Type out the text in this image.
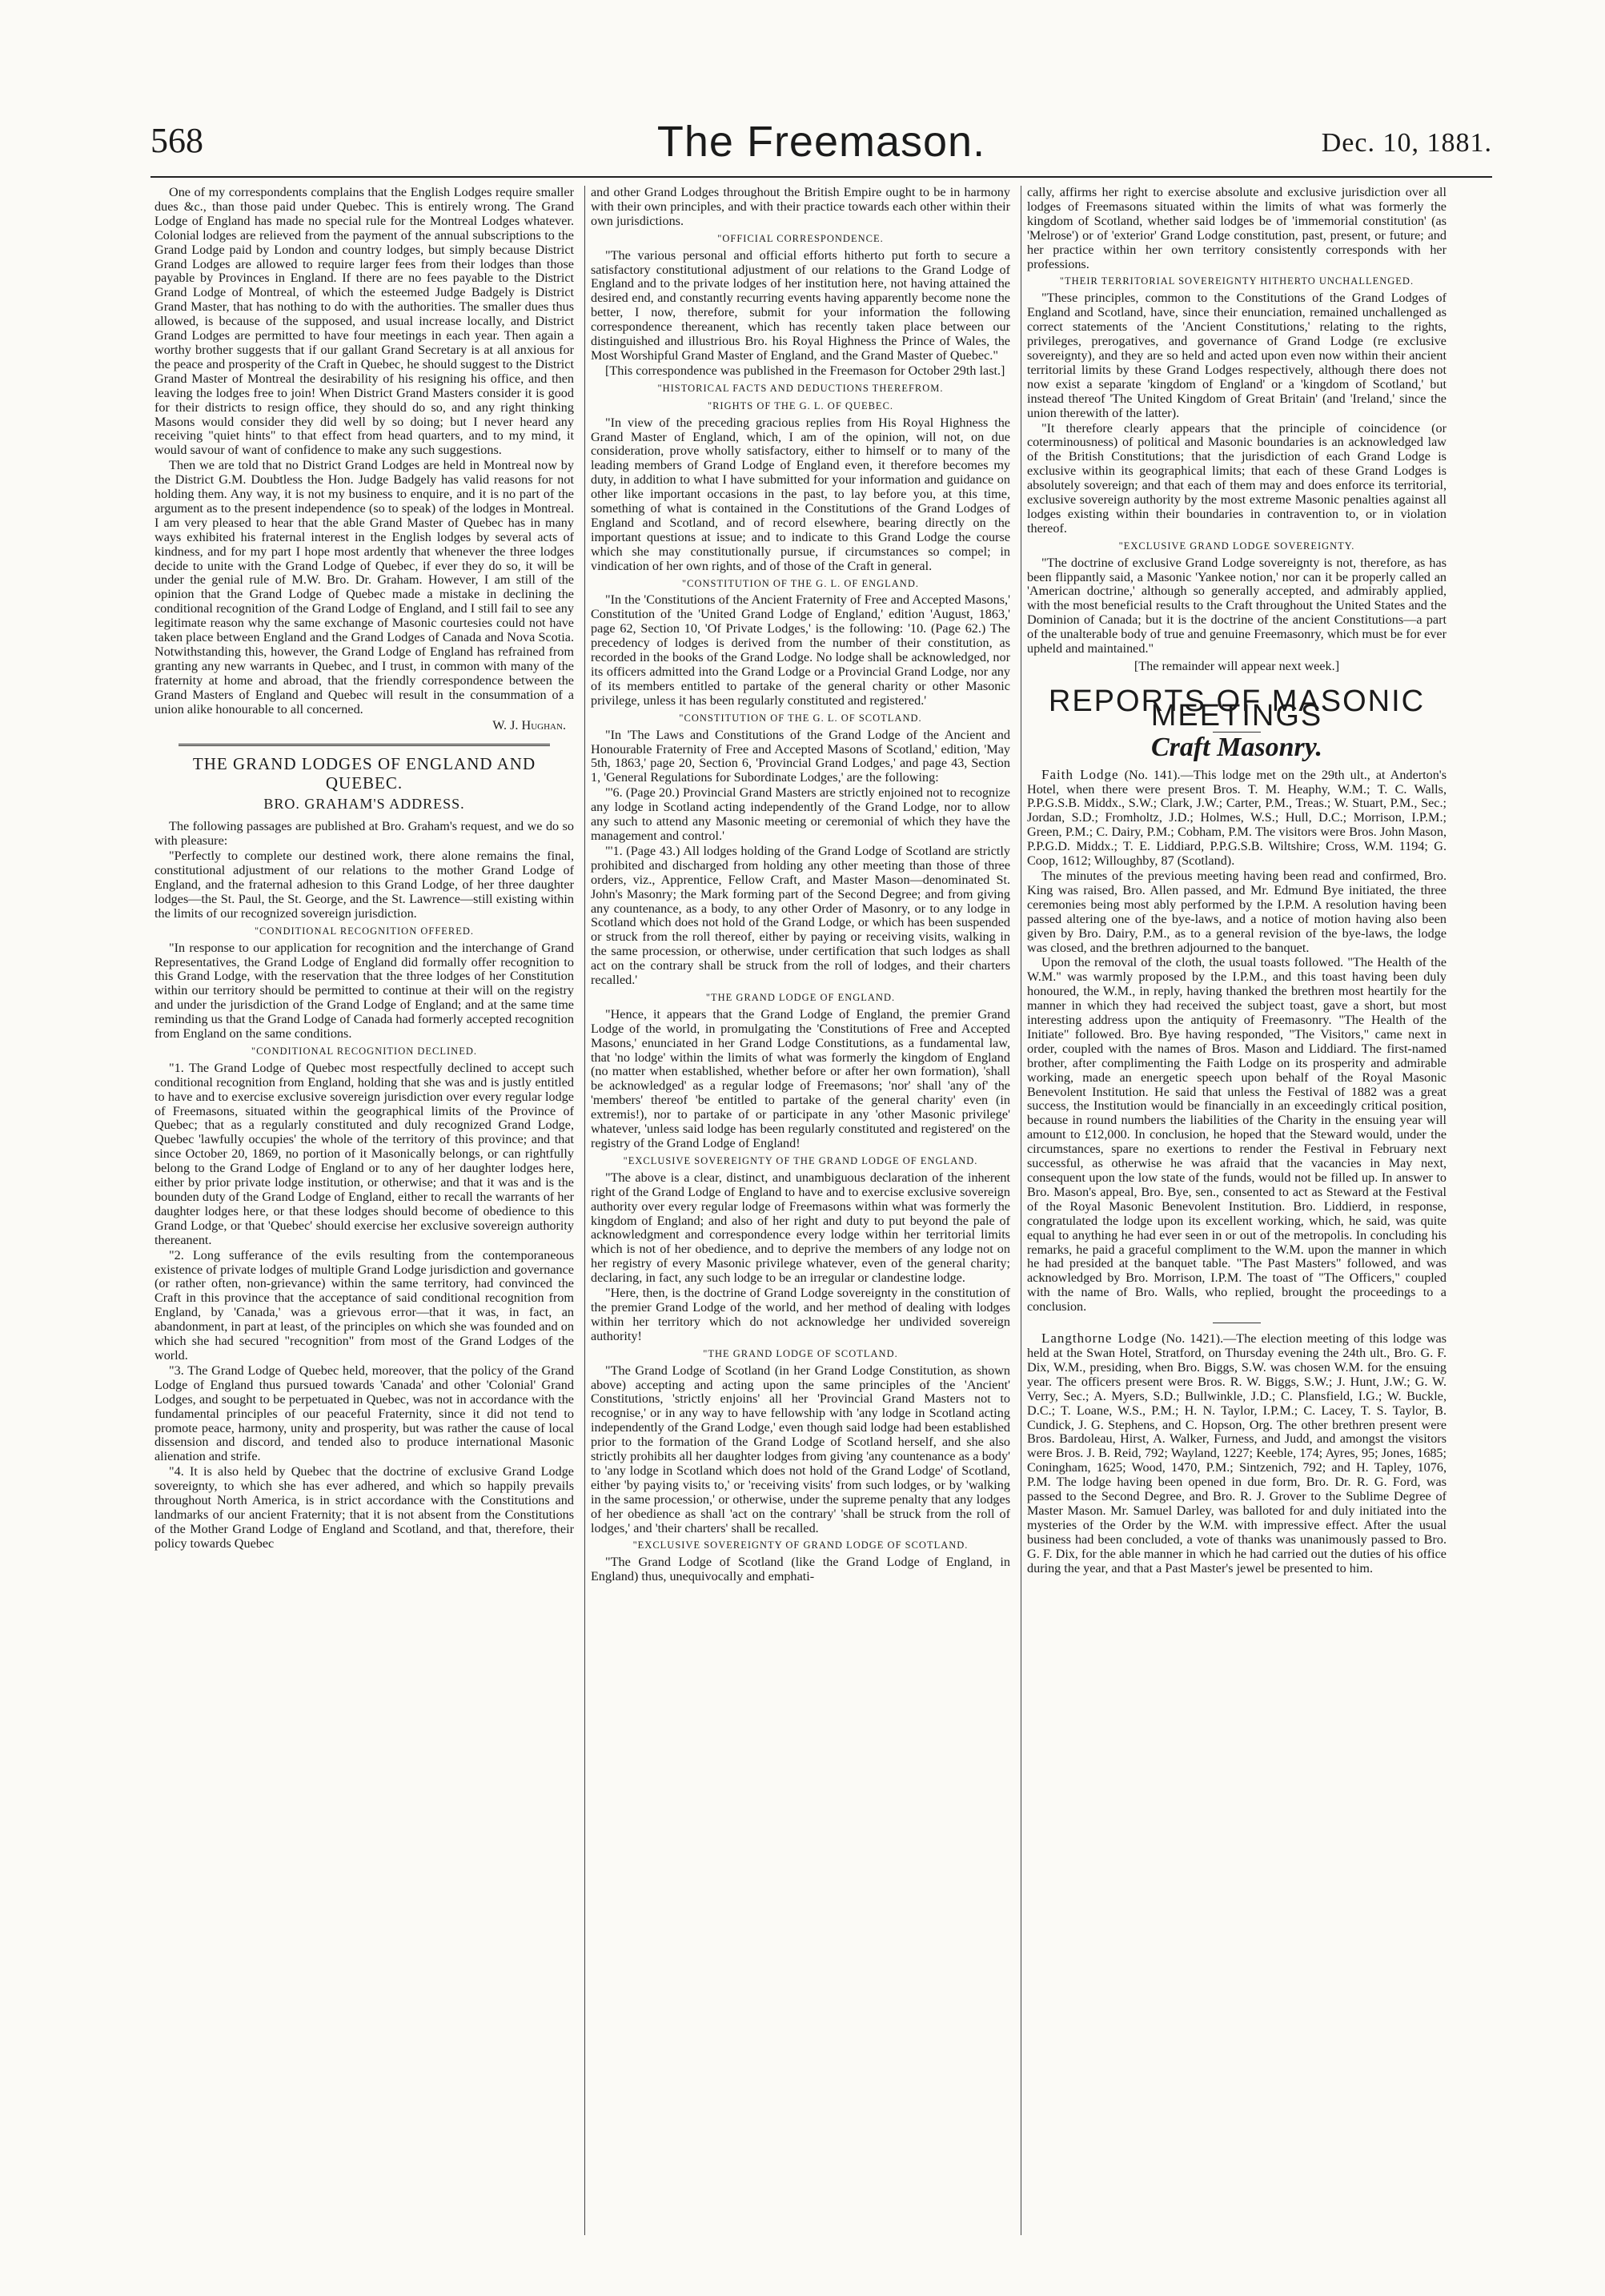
568	The Freemason.	Dec. 10, 1881.

One of my correspondents complains that the English Lodges require smaller dues &c., than those paid under Quebec. This is entirely wrong. The Grand Lodge of England has made no special rule for the Montreal Lodges whatever. Colonial lodges are relieved from the payment of the annual subscriptions to the Grand Lodge paid by London and country lodges, but simply because District Grand Lodges are allowed to require larger fees from their lodges than those payable by Provinces in England. If there are no fees payable to the District Grand Lodge of Montreal, of which the esteemed Judge Badgely is District Grand Master, that has nothing to do with the authorities. The smaller dues thus allowed, is because of the supposed, and usual increase locally, and District Grand Lodges are permitted to have four meetings in each year. Then again a worthy brother suggests that if our gallant Grand Secretary is at all anxious for the peace and prosperity of the Craft in Quebec, he should suggest to the District Grand Master of Montreal the desirability of his resigning his office, and then leaving the lodges free to join! When District Grand Masters consider it is good for their districts to resign office, they should do so, and any right thinking Masons would consider they did well by so doing; but I never heard any receiving "quiet hints" to that effect from head quarters, and to my mind, it would savour of want of confidence to make any such suggestions.

Then we are told that no District Grand Lodges are held in Montreal now by the District G.M. Doubtless the Hon. Judge Badgely has valid reasons for not holding them. Any way, it is not my business to enquire, and it is no part of the argument as to the present independence (so to speak) of the lodges in Montreal. I am very pleased to hear that the able Grand Master of Quebec has in many ways exhibited his fraternal interest in the English lodges by several acts of kindness, and for my part I hope most ardently that whenever the three lodges decide to unite with the Grand Lodge of Quebec, if ever they do so, it will be under the genial rule of M.W. Bro. Dr. Graham. However, I am still of the opinion that the Grand Lodge of Quebec made a mistake in declining the conditional recognition of the Grand Lodge of England, and I still fail to see any legitimate reason why the same exchange of Masonic courtesies could not have taken place between England and the Grand Lodges of Canada and Nova Scotia. Notwithstanding this, however, the Grand Lodge of England has refrained from granting any new warrants in Quebec, and I trust, in common with many of the fraternity at home and abroad, that the friendly correspondence between the Grand Masters of England and Quebec will result in the consummation of a union alike honourable to all concerned.

W. J. Hughan.

THE GRAND LODGES OF ENGLAND AND QUEBEC.

BRO. GRAHAM'S ADDRESS.

The following passages are published at Bro. Graham's request, and we do so with pleasure:

"Perfectly to complete our destined work, there alone remains the final, constitutional adjustment of our relations to the mother Grand Lodge of England, and the fraternal adhesion to this Grand Lodge, of her three daughter lodges—the St. Paul, the St. George, and the St. Lawrence—still existing within the limits of our recognized sovereign jurisdiction.

"CONDITIONAL RECOGNITION OFFERED.

"In response to our application for recognition and the interchange of Grand Representatives, the Grand Lodge of England did formally offer recognition to this Grand Lodge, with the reservation that the three lodges of her Constitution within our territory should be permitted to continue at their will on the registry and under the jurisdiction of the Grand Lodge of England; and at the same time reminding us that the Grand Lodge of Canada had formerly accepted recognition from England on the same conditions.

"CONDITIONAL RECOGNITION DECLINED.

"1. The Grand Lodge of Quebec most respectfully declined to accept such conditional recognition from England, holding that she was and is justly entitled to have and to exercise exclusive sovereign jurisdiction over every regular lodge of Freemasons, situated within the geographical limits of the Province of Quebec; that as a regularly constituted and duly recognized Grand Lodge, Quebec 'lawfully occupies' the whole of the territory of this province; and that since October 20, 1869, no portion of it Masonically belongs, or can rightfully belong to the Grand Lodge of England or to any of her daughter lodges here, either by prior private lodge institution, or otherwise; and that it was and is the bounden duty of the Grand Lodge of England, either to recall the warrants of her daughter lodges here, or that these lodges should become of obedience to this Grand Lodge, or that 'Quebec' should exercise her exclusive sovereign authority thereanent.

"2. Long sufferance of the evils resulting from the contemporaneous existence of private lodges of multiple Grand Lodge jurisdiction and governance (or rather often, non-grievance) within the same territory, had convinced the Craft in this province that the acceptance of said conditional recognition from England, by 'Canada,' was a grievous error—that it was, in fact, an abandonment, in part at least, of the principles on which she was founded and on which she had secured "recognition" from most of the Grand Lodges of the world.

"3. The Grand Lodge of Quebec held, moreover, that the policy of the Grand Lodge of England thus pursued towards 'Canada' and other 'Colonial' Grand Lodges, and sought to be perpetuated in Quebec, was not in accordance with the fundamental principles of our peaceful Fraternity, since it did not tend to promote peace, harmony, unity and prosperity, but was rather the cause of local dissension and discord, and tended also to produce international Masonic alienation and strife.

"4. It is also held by Quebec that the doctrine of exclusive Grand Lodge sovereignty, to which she has ever adhered, and which so happily prevails throughout North America, is in strict accordance with the Constitutions and landmarks of our ancient Fraternity; that it is not absent from the Constitutions of the Mother Grand Lodge of England and Scotland, and that, therefore, their policy towards Quebec

and other Grand Lodges throughout the British Empire ought to be in harmony with their own principles, and with their practice towards each other within their own jurisdictions.

"OFFICIAL CORRESPONDENCE.

"The various personal and official efforts hitherto put forth to secure a satisfactory constitutional adjustment of our relations to the Grand Lodge of England and to the private lodges of her institution here, not having attained the desired end, and constantly recurring events having apparently become none the better, I now, therefore, submit for your information the following correspondence thereanent, which has recently taken place between our distinguished and illustrious Bro. his Royal Highness the Prince of Wales, the Most Worshipful Grand Master of England, and the Grand Master of Quebec."

[This correspondence was published in the Freemason for October 29th last.]

"HISTORICAL FACTS AND DEDUCTIONS THEREFROM.

"RIGHTS OF THE G. L. OF QUEBEC.

"In view of the preceding gracious replies from His Royal Highness the Grand Master of England, which, I am of the opinion, will not, on due consideration, prove wholly satisfactory, either to himself or to many of the leading members of Grand Lodge of England even, it therefore becomes my duty, in addition to what I have submitted for your information and guidance on other like important occasions in the past, to lay before you, at this time, something of what is contained in the Constitutions of the Grand Lodges of England and Scotland, and of record elsewhere, bearing directly on the important questions at issue; and to indicate to this Grand Lodge the course which she may constitutionally pursue, if circumstances so compel; in vindication of her own rights, and of those of the Craft in general.

"CONSTITUTION OF THE G. L. OF ENGLAND.

"In the 'Constitutions of the Ancient Fraternity of Free and Accepted Masons,' Constitution of the 'United Grand Lodge of England,' edition 'August, 1863,' page 62, Section 10, 'Of Private Lodges,' is the following: '10. (Page 62.) The precedency of lodges is derived from the number of their constitution, as recorded in the books of the Grand Lodge. No lodge shall be acknowledged, nor its officers admitted into the Grand Lodge or a Provincial Grand Lodge, nor any of its members entitled to partake of the general charity or other Masonic privilege, unless it has been regularly constituted and registered.'

"CONSTITUTION OF THE G. L. OF SCOTLAND.

"In 'The Laws and Constitutions of the Grand Lodge of the Ancient and Honourable Fraternity of Free and Accepted Masons of Scotland,' edition, 'May 5th, 1863,' page 20, Section 6, 'Provincial Grand Lodges,' and page 43, Section 1, 'General Regulations for Subordinate Lodges,' are the following:

"'6. (Page 20.) Provincial Grand Masters are strictly enjoined not to recognize any lodge in Scotland acting independently of the Grand Lodge, nor to allow any such to attend any Masonic meeting or ceremonial of which they have the management and control.'

"'1. (Page 43.) All lodges holding of the Grand Lodge of Scotland are strictly prohibited and discharged from holding any other meeting than those of three orders, viz., Apprentice, Fellow Craft, and Master Mason—denominated St. John's Masonry; the Mark forming part of the Second Degree; and from giving any countenance, as a body, to any other Order of Masonry, or to any lodge in Scotland which does not hold of the Grand Lodge, or which has been suspended or struck from the roll thereof, either by paying or receiving visits, walking in the same procession, or otherwise, under certification that such lodges as shall act on the contrary shall be struck from the roll of lodges, and their charters recalled.'

"THE GRAND LODGE OF ENGLAND.

"Hence, it appears that the Grand Lodge of England, the premier Grand Lodge of the world, in promulgating the 'Constitutions of Free and Accepted Masons,' enunciated in her Grand Lodge Constitutions, as a fundamental law, that 'no lodge' within the limits of what was formerly the kingdom of England (no matter when established, whether before or after her own formation), 'shall be acknowledged' as a regular lodge of Freemasons; 'nor' shall 'any of' the 'members' thereof 'be entitled to partake of the general charity' even (in extremis!), nor to partake of or participate in any 'other Masonic privilege' whatever, 'unless said lodge has been regularly constituted and registered' on the registry of the Grand Lodge of England!

"EXCLUSIVE SOVEREIGNTY OF THE GRAND LODGE OF ENGLAND.

"The above is a clear, distinct, and unambiguous declaration of the inherent right of the Grand Lodge of England to have and to exercise exclusive sovereign authority over every regular lodge of Freemasons within what was formerly the kingdom of England; and also of her right and duty to put beyond the pale of acknowledgment and correspondence every lodge within her territorial limits which is not of her obedience, and to deprive the members of any lodge not on her registry of every Masonic privilege whatever, even of the general charity; declaring, in fact, any such lodge to be an irregular or clandestine lodge.

"Here, then, is the doctrine of Grand Lodge sovereignty in the constitution of the premier Grand Lodge of the world, and her method of dealing with lodges within her territory which do not acknowledge her undivided sovereign authority!

"THE GRAND LODGE OF SCOTLAND.

"The Grand Lodge of Scotland (in her Grand Lodge Constitution, as shown above) accepting and acting upon the same principles of the 'Ancient' Constitutions, 'strictly enjoins' all her 'Provincial Grand Masters not to recognise,' or in any way to have fellowship with 'any lodge in Scotland acting independently of the Grand Lodge,' even though said lodge had been established prior to the formation of the Grand Lodge of Scotland herself, and she also strictly prohibits all her daughter lodges from giving 'any countenance as a body' to 'any lodge in Scotland which does not hold of the Grand Lodge' of Scotland, either 'by paying visits to,' or 'receiving visits' from such lodges, or by 'walking in the same procession,' or otherwise, under the supreme penalty that any lodges of her obedience as shall 'act on the contrary' 'shall be struck from the roll of lodges,' and 'their charters' shall be recalled.

"EXCLUSIVE SOVEREIGNTY OF GRAND LODGE OF SCOTLAND.

"The Grand Lodge of Scotland (like the Grand Lodge of England, in England) thus, unequivocally and emphati-

cally, affirms her right to exercise absolute and exclusive jurisdiction over all lodges of Freemasons situated within the limits of what was formerly the kingdom of Scotland, whether said lodges be of 'immemorial constitution' (as 'Melrose') or of 'exterior' Grand Lodge constitution, past, present, or future; and her practice within her own territory consistently corresponds with her professions.

"THEIR TERRITORIAL SOVEREIGNTY HITHERTO UNCHALLENGED.

"These principles, common to the Constitutions of the Grand Lodges of England and Scotland, have, since their enunciation, remained unchallenged as correct statements of the 'Ancient Constitutions,' relating to the rights, privileges, prerogatives, and governance of Grand Lodge (re exclusive sovereignty), and they are so held and acted upon even now within their ancient territorial limits by these Grand Lodges respectively, although there does not now exist a separate 'kingdom of England' or a 'kingdom of Scotland,' but instead thereof 'The United Kingdom of Great Britain' (and 'Ireland,' since the union therewith of the latter).

"It therefore clearly appears that the principle of coincidence (or coterminousness) of political and Masonic boundaries is an acknowledged law of the British Constitutions; that the jurisdiction of each Grand Lodge is exclusive within its geographical limits; that each of these Grand Lodges is absolutely sovereign; and that each of them may and does enforce its territorial, exclusive sovereign authority by the most extreme Masonic penalties against all lodges existing within their boundaries in contravention to, or in violation thereof.

"EXCLUSIVE GRAND LODGE SOVEREIGNTY.

"The doctrine of exclusive Grand Lodge sovereignty is not, therefore, as has been flippantly said, a Masonic 'Yankee notion,' nor can it be properly called an 'American doctrine,' although so generally accepted, and admirably applied, with the most beneficial results to the Craft throughout the United States and the Dominion of Canada; but it is the doctrine of the ancient Constitutions—a part of the unalterable body of true and genuine Freemasonry, which must be for ever upheld and maintained."

[The remainder will appear next week.]

REPORTS OF MASONIC MEETINGS

Craft Masonry.

Faith Lodge (No. 141).—This lodge met on the 29th ult., at Anderton's Hotel, when there were present Bros. T. M. Heaphy, W.M.; T. C. Walls, P.P.G.S.B. Middx., S.W.; Clark, J.W.; Carter, P.M., Treas.; W. Stuart, P.M., Sec.; Jordan, S.D.; Fromholtz, J.D.; Holmes, W.S.; Hull, D.C.; Morrison, I.P.M.; Green, P.M.; C. Dairy, P.M.; Cobham, P.M. The visitors were Bros. John Mason, P.P.G.D. Middx.; T. E. Liddiard, P.P.G.S.B. Wiltshire; Cross, W.M. 1194; G. Coop, 1612; Willoughby, 87 (Scotland).

The minutes of the previous meeting having been read and confirmed, Bro. King was raised, Bro. Allen passed, and Mr. Edmund Bye initiated, the three ceremonies being most ably performed by the I.P.M. A resolution having been passed altering one of the bye-laws, and a notice of motion having also been given by Bro. Dairy, P.M., as to a general revision of the bye-laws, the lodge was closed, and the brethren adjourned to the banquet.

Upon the removal of the cloth, the usual toasts followed. "The Health of the W.M." was warmly proposed by the I.P.M., and this toast having been duly honoured, the W.M., in reply, having thanked the brethren most heartily for the manner in which they had received the subject toast, gave a short, but most interesting address upon the antiquity of Freemasonry. "The Health of the Initiate" followed. Bro. Bye having responded, "The Visitors," came next in order, coupled with the names of Bros. Mason and Liddiard. The first-named brother, after complimenting the Faith Lodge on its prosperity and admirable working, made an energetic speech upon behalf of the Royal Masonic Benevolent Institution. He said that unless the Festival of 1882 was a great success, the Institution would be financially in an exceedingly critical position, because in round numbers the liabilities of the Charity in the ensuing year will amount to £12,000. In conclusion, he hoped that the Steward would, under the circumstances, spare no exertions to render the Festival in February next successful, as otherwise he was afraid that the vacancies in May next, consequent upon the low state of the funds, would not be filled up. In answer to Bro. Mason's appeal, Bro. Bye, sen., consented to act as Steward at the Festival of the Royal Masonic Benevolent Institution. Bro. Liddierd, in response, congratulated the lodge upon its excellent working, which, he said, was quite equal to anything he had ever seen in or out of the metropolis. In concluding his remarks, he paid a graceful compliment to the W.M. upon the manner in which he had presided at the banquet table. "The Past Masters" followed, and was acknowledged by Bro. Morrison, I.P.M. The toast of "The Officers," coupled with the name of Bro. Walls, who replied, brought the proceedings to a conclusion.

Langthorne Lodge (No. 1421).—The election meeting of this lodge was held at the Swan Hotel, Stratford, on Thursday evening the 24th ult., Bro. G. F. Dix, W.M., presiding, when Bro. Biggs, S.W. was chosen W.M. for the ensuing year. The officers present were Bros. R. W. Biggs, S.W.; J. Hunt, J.W.; G. W. Verry, Sec.; A. Myers, S.D.; Bullwinkle, J.D.; C. Plansfield, I.G.; W. Buckle, D.C.; T. Loane, W.S., P.M.; H. N. Taylor, I.P.M.; C. Lacey, T. S. Taylor, B. Cundick, J. G. Stephens, and C. Hopson, Org. The other brethren present were Bros. Bardoleau, Hirst, A. Walker, Furness, and Judd, and amongst the visitors were Bros. J. B. Reid, 792; Wayland, 1227; Keeble, 174; Ayres, 95; Jones, 1685; Coningham, 1625; Wood, 1470, P.M.; Sintzenich, 792; and H. Tapley, 1076, P.M. The lodge having been opened in due form, Bro. Dr. R. G. Ford, was passed to the Second Degree, and Bro. R. J. Grover to the Sublime Degree of Master Mason. Mr. Samuel Darley, was balloted for and duly initiated into the mysteries of the Order by the W.M. with impressive effect. After the usual business had been concluded, a vote of thanks was unanimously passed to Bro. G. F. Dix, for the able manner in which he had carried out the duties of his office during the year, and that a Past Master's jewel be presented to him.
